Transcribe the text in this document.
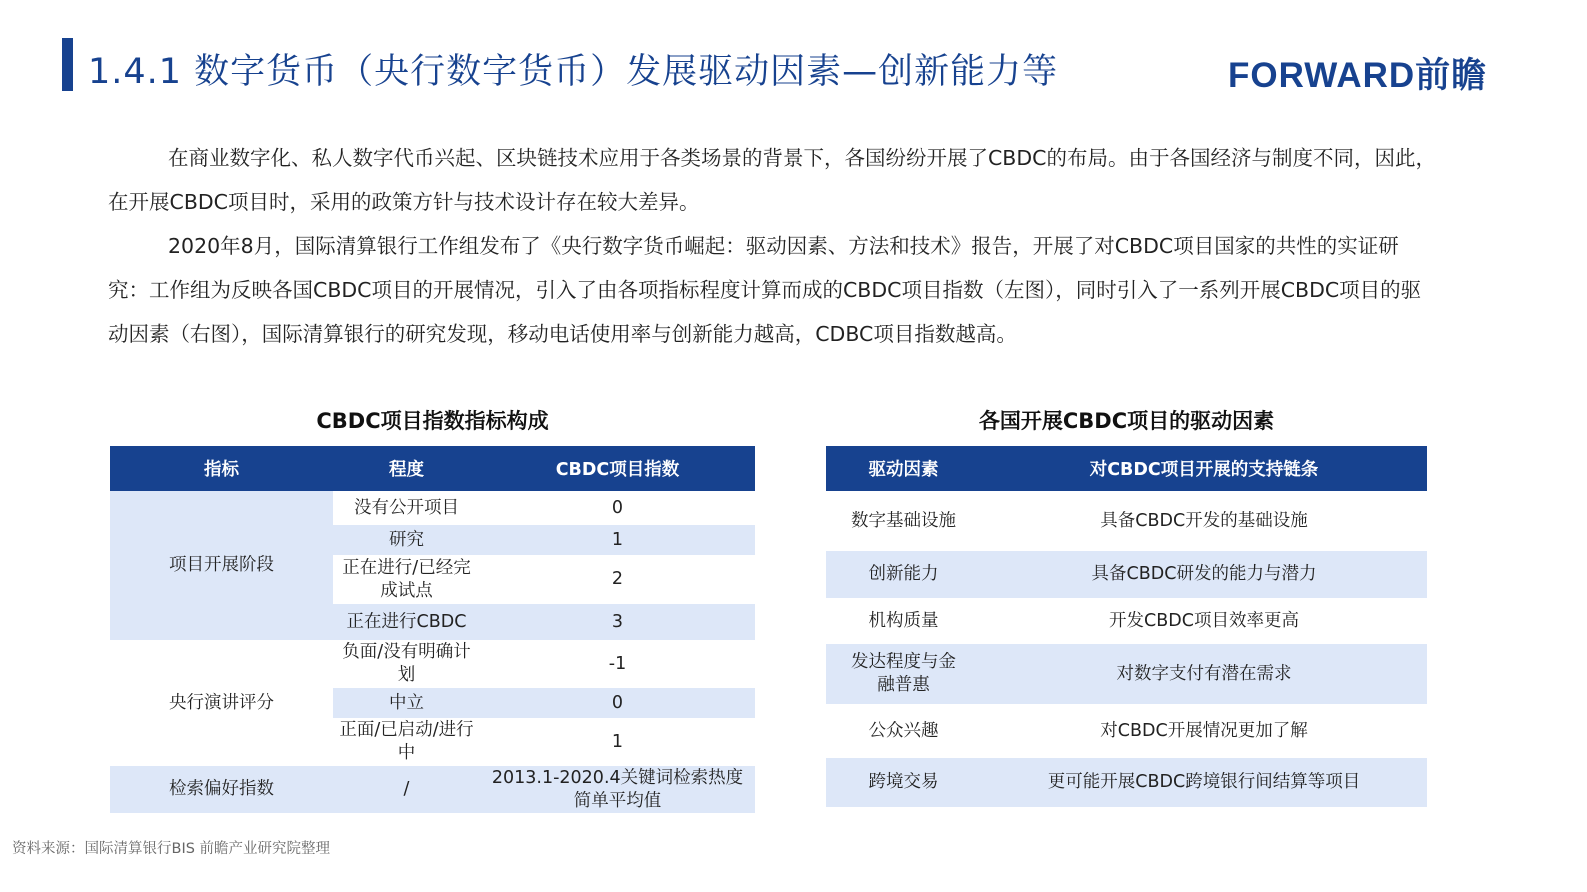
1.4.1 数字货币（央行数字货币）发展驱动因素—创新能力等	FORWARD前瞻

在商业数字化、私人数字代币兴起、区块链技术应用于各类场景的背景下，各国纷纷开展了CBDC的布局。由于各国经济与制度不同，因此，在开展CBDC项目时，采用的政策方针与技术设计存在较大差异。

2020年8月，国际清算银行工作组发布了《央行数字货币崛起：驱动因素、方法和技术》报告，开展了对CBDC项目国家的共性的实证研究：工作组为反映各国CBDC项目的开展情况，引入了由各项指标程度计算而成的CBDC项目指数（左图），同时引入了一系列开展CBDC项目的驱动因素（右图），国际清算银行的研究发现，移动电话使用率与创新能力越高，CDBC项目指数越高。

CBDC项目指数指标构成	各国开展CBDC项目的驱动因素
指标	程度	CBDC项目指数
项目开展阶段	没有公开项目	0
	研究	1
	正在进行/已经完成试点	2
	正在进行CBDC	3
央行演讲评分	负面/没有明确计划	-1
	中立	0
	正面/已启动/进行中	1
检索偏好指数	/	2013.1-2020.4关键词检索热度简单平均值
驱动因素	对CBDC项目开展的支持链条
数字基础设施	具备CBDC开发的基础设施
创新能力	具备CBDC研发的能力与潜力
机构质量	开发CBDC项目效率更高
发达程度与金融普惠	对数字支付有潜在需求
公众兴趣	对CBDC开展情况更加了解
跨境交易	更可能开展CBDC跨境银行间结算等项目
资料来源：国际清算银行BIS 前瞻产业研究院整理
